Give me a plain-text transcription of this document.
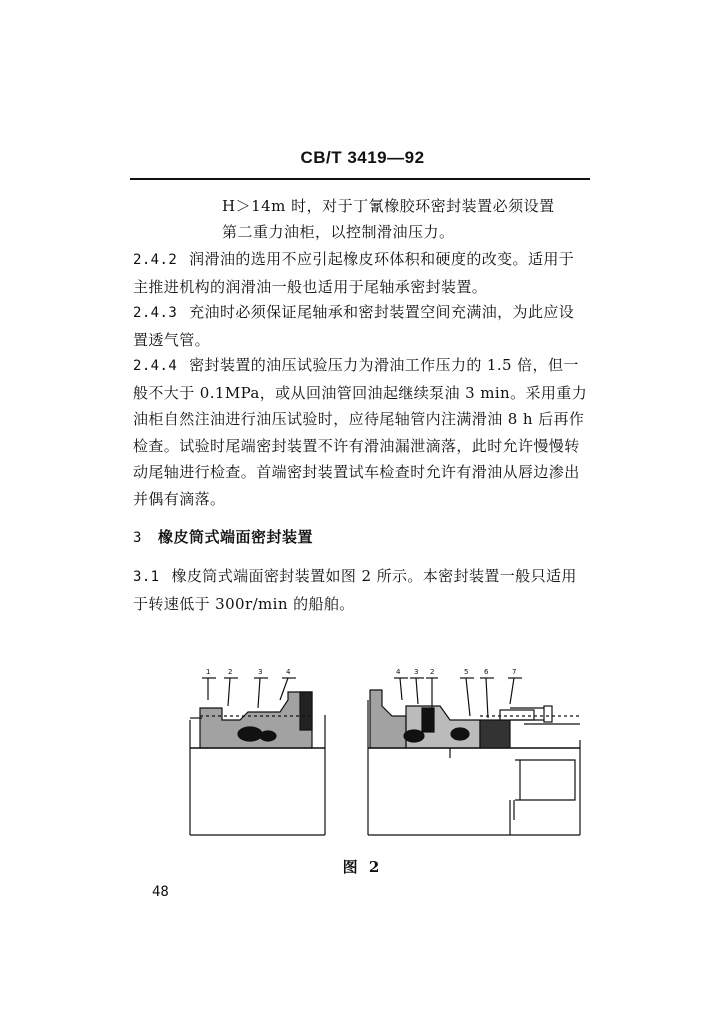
CB/T 3419—92

H＞14m 时，对于丁氰橡胶环密封装置必须设置

第二重力油柜，以控制滑油压力。

2.4.2 润滑油的选用不应引起橡皮环体积和硬度的改变。适用于主推进机构的润滑油一般也适用于尾轴承密封装置。

2.4.3 充油时必须保证尾轴承和密封装置空间充满油，为此应设置透气管。

2.4.4 密封装置的油压试验压力为滑油工作压力的 1.5 倍，但一般不大于 0.1MPa，或从回油管回油起继续泵油 3 min。采用重力油柜自然注油进行油压试验时，应待尾轴管内注满滑油 8 h 后再作检查。试验时尾端密封装置不许有滑油漏泄滴落，此时允许慢慢转动尾轴进行检查。首端密封装置试车检查时允许有滑油从唇边渗出并偶有滴落。

3 橡皮筒式端面密封装置

3.1 橡皮筒式端面密封装置如图 2 所示。本密封装置一般只适用于转速低于 300r/min 的船舶。

1	2	3	4	4 3 2	5 6	7
图 2
48
